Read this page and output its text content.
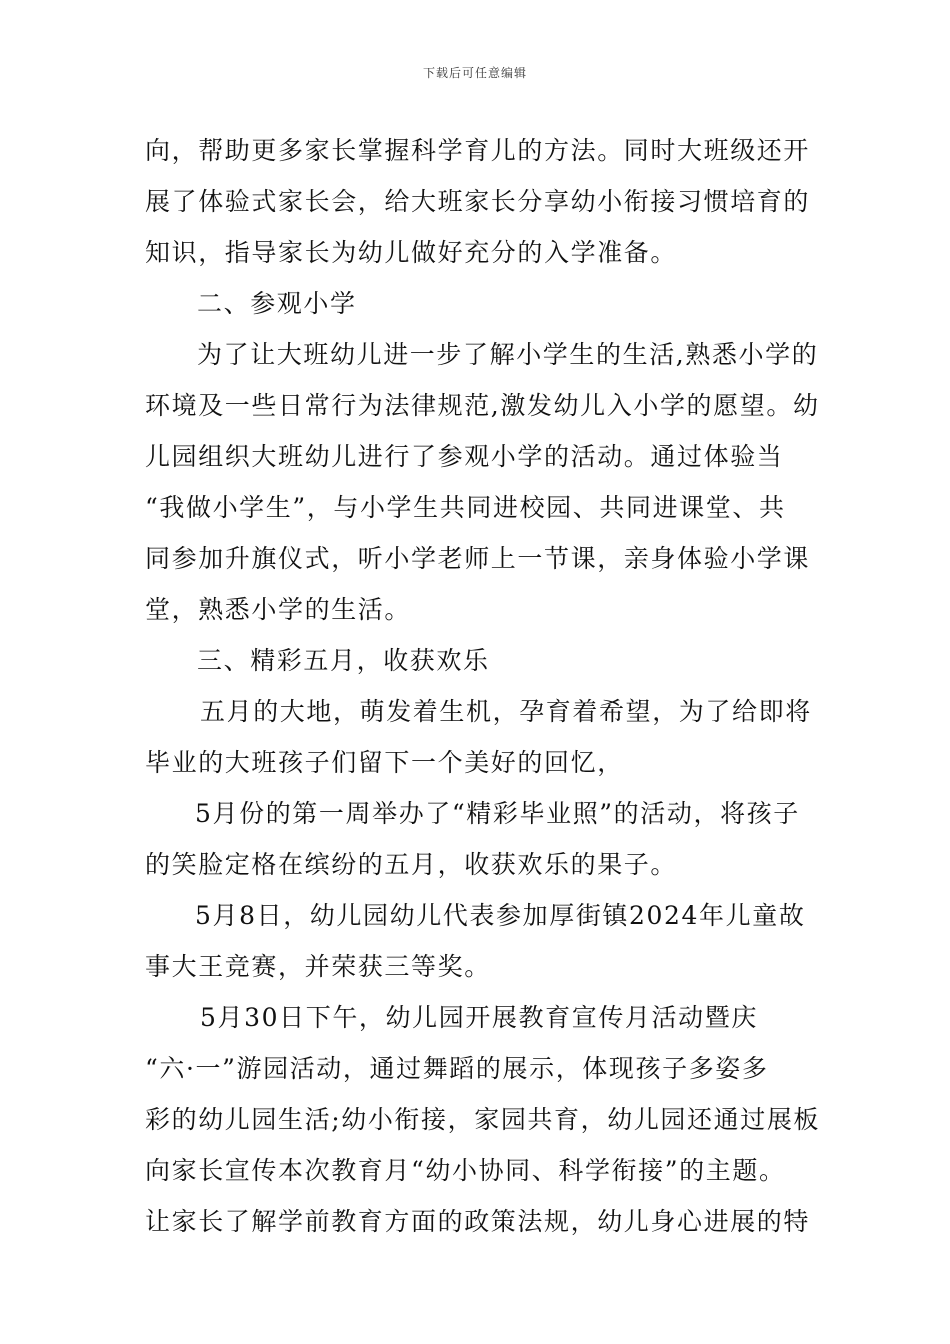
下载后可任意编辑
向，帮助更多家长掌握科学育儿的方法。同时大班级还开
展了体验式家长会，给大班家长分享幼小衔接习惯培育的
知识，指导家长为幼儿做好充分的入学准备。
二、参观小学
为了让大班幼儿进一步了解小学生的生活,熟悉小学的
环境及一些日常行为法律规范,激发幼儿入小学的愿望。幼
儿园组织大班幼儿进行了参观小学的活动。通过体验当
“我做小学生”，与小学生共同进校园、共同进课堂、共
同参加升旗仪式，听小学老师上一节课，亲身体验小学课
堂，熟悉小学的生活。
三、精彩五月，收获欢乐
五月的大地，萌发着生机，孕育着希望，为了给即将
毕业的大班孩子们留下一个美好的回忆，
5月份的第一周举办了“精彩毕业照”的活动，将孩子
的笑脸定格在缤纷的五月，收获欢乐的果子。
5月8日，幼儿园幼儿代表参加厚街镇2024年儿童故
事大王竞赛，并荣获三等奖。
5月30日下午，幼儿园开展教育宣传月活动暨庆
“六·一”游园活动，通过舞蹈的展示，体现孩子多姿多
彩的幼儿园生活;幼小衔接，家园共育，幼儿园还通过展板
向家长宣传本次教育月“幼小协同、科学衔接”的主题。
让家长了解学前教育方面的政策法规，幼儿身心进展的特
